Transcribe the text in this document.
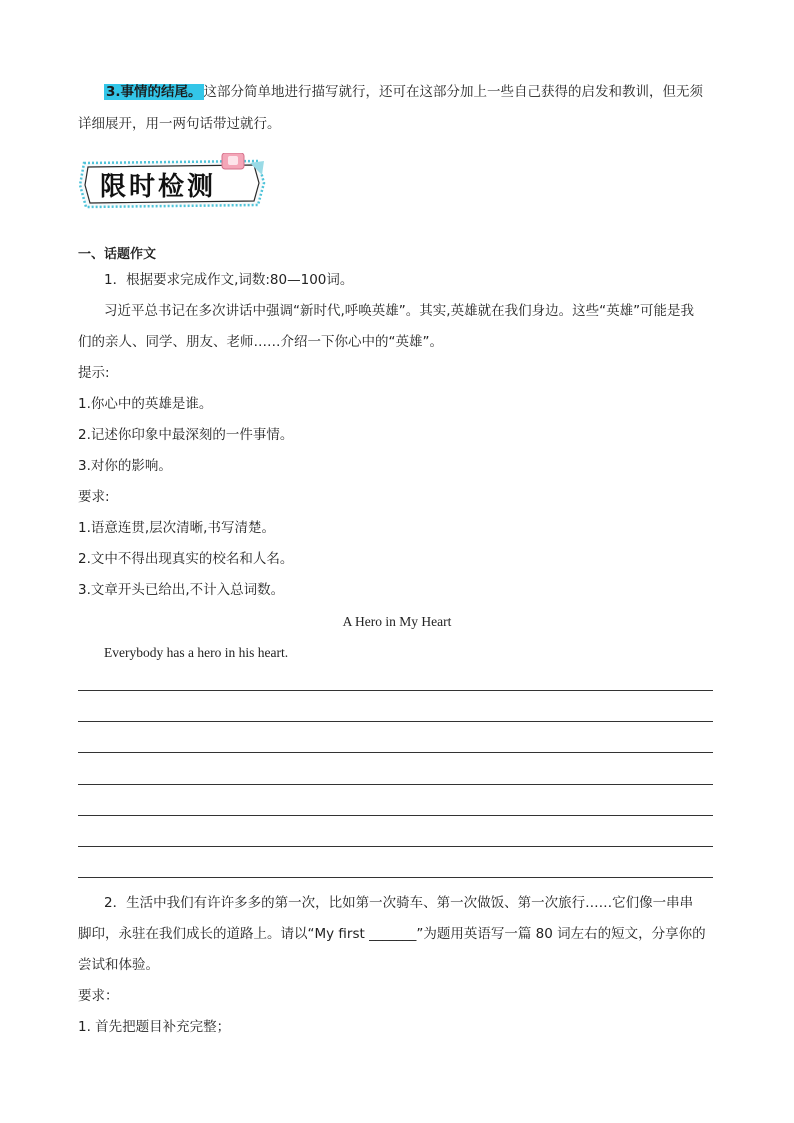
3.事情的结尾。 这部分简单地进行描写就行，还可在这部分加上一些自己获得的启发和教训，但无须
详细展开，用一两句话带过就行。
限时检测
一、话题作文
1．根据要求完成作文,词数:80—100词。
习近平总书记在多次讲话中强调“新时代,呼唤英雄”。其实,英雄就在我们身边。这些“英雄”可能是我
们的亲人、同学、朋友、老师……介绍一下你心中的“英雄”。
提示:
1.你心中的英雄是谁。
2.记述你印象中最深刻的一件事情。
3.对你的影响。
要求:
1.语意连贯,层次清晰,书写清楚。
2.文中不得出现真实的校名和人名。
3.文章开头已给出,不计入总词数。
A Hero in My Heart
Everybody has a hero in his heart.
2．生活中我们有许许多多的第一次，比如第一次骑车、第一次做饭、第一次旅行……它们像一串串
脚印，永驻在我们成长的道路上。请以“My first _______”为题用英语写一篇 80 词左右的短文，分享你的
尝试和体验。
要求：
1. 首先把题目补充完整；
